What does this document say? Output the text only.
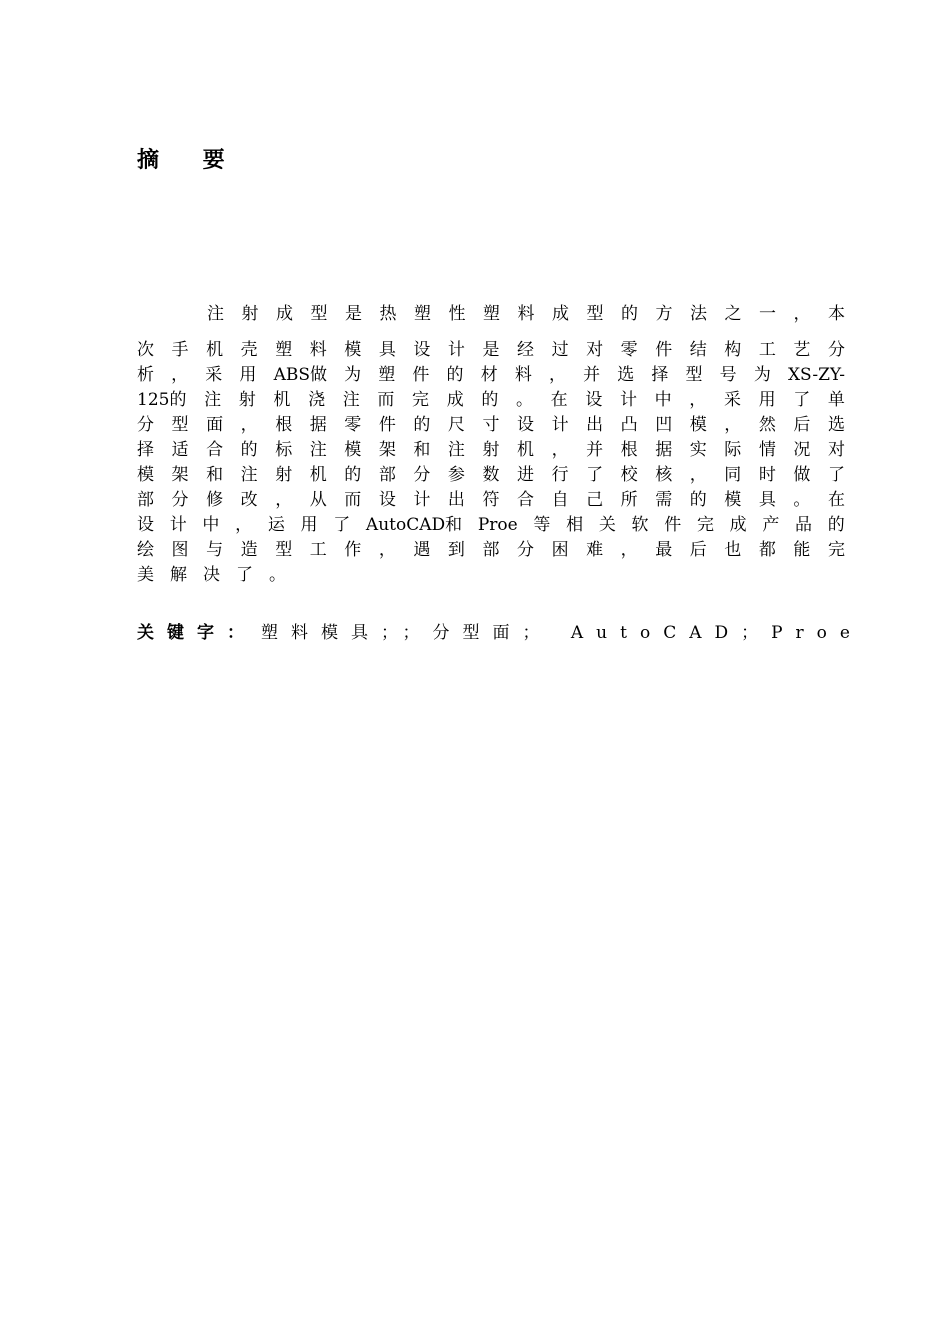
摘 要
注射成型是热塑性塑料成型的方法之一，本
次 手 机 壳 塑 料 模 具 设 计 是 经 过 对 零 件 结 构 工 艺 分
析 ， 采 用 ABS做 为 塑 件 的 材 料 ， 并 选 择 型 号 为 XS-ZY-
125的 注 射 机 浇 注 而 完 成 的 。 在 设 计 中 ， 采 用 了 单
分 型 面 ， 根 据 零 件 的 尺 寸 设 计 出 凸 凹 模 ， 然 后 选
择 适 合 的 标 注 模 架 和 注 射 机 ， 并 根 据 实 际 情 况 对
模 架 和 注 射 机 的 部 分 参 数 进 行 了 校 核 ， 同 时 做 了
部 分 修 改 ， 从 而 设 计 出 符 合 自 己 所 需 的 模 具 。 在
设 计 中 ， 运 用 了 AutoCAD和 Proe 等 相 关 软 件 完 成 产 品 的
绘 图 与 造 型 工 作 ， 遇 到 部 分 困 难 ， 最 后 也 都 能 完
美 解 决 了 。
关键字： 塑料模具；；分型面； AutoCAD；Proe
